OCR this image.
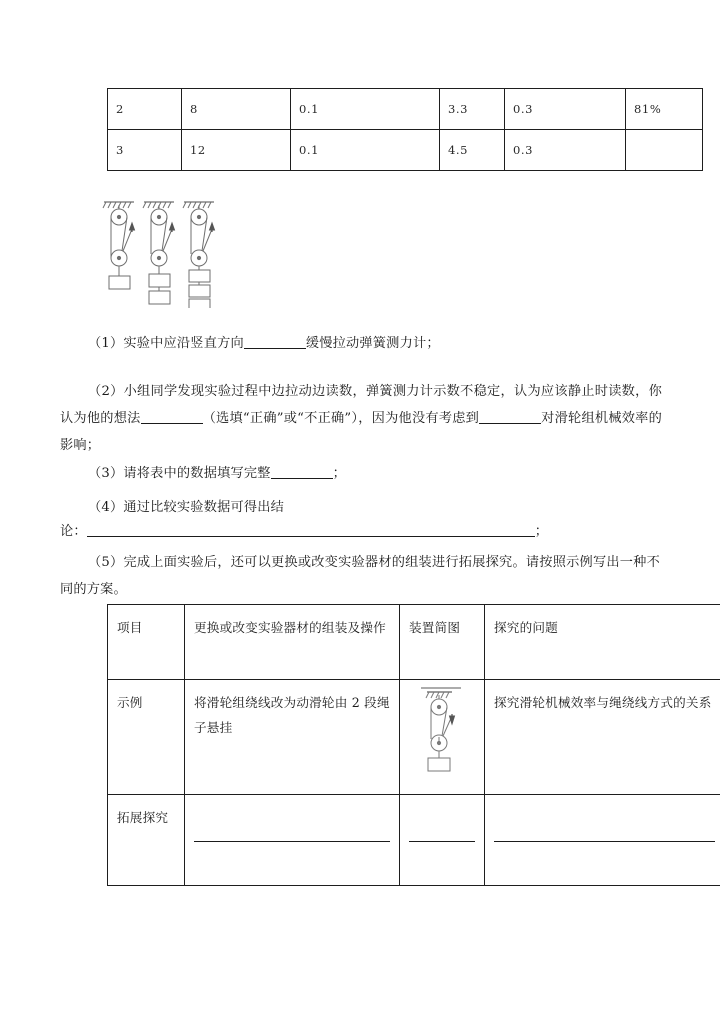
2	8	0.1	3.3	0.3	81%
3	12	0.1	4.5	0.3	
（1）实验中应沿竖直方向	缓慢拉动弹簧测力计；
（2）小组同学发现实验过程中边拉动边读数，弹簧测力计示数不稳定，认为应该静止时读数，你认为他的想法	（选填“正确”或“不正确”），因为他没有考虑到	对滑轮组机械效率的影响；
（3）请将表中的数据填写完整	；
（4）通过比较实验数据可得出结
论：	；
（5）完成上面实验后，还可以更换或改变实验器材的组装进行拓展探究。请按照示例写出一种不同的方案。
项目	更换或改变实验器材的组装及操作	装置简图	探究的问题
示例	将滑轮组绕线改为动滑轮由 2 段绳子悬挂		探究滑轮机械效率与绳绕线方式的关系
拓展探究	
